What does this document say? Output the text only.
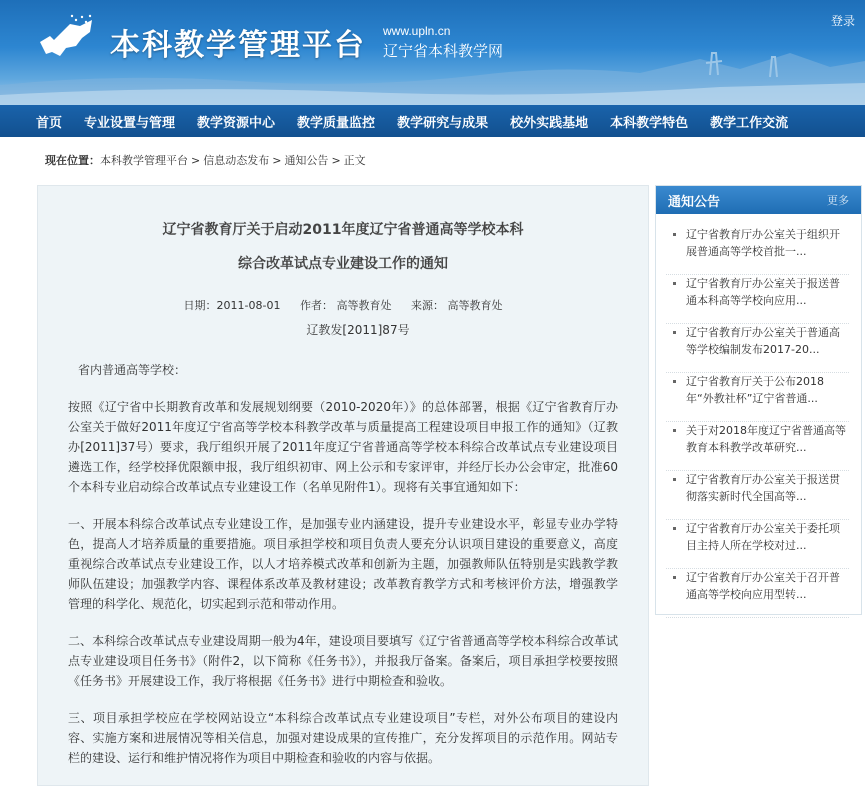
本科教学管理平台 www.upln.cn
辽宁省本科教学网
登录
首页 专业设置与管理 教学资源中心 教学质量监控 教学研究与成果 校外实践基地 本科教学特色 教学工作交流
现在位置：本科教学管理平台 > 信息动态发布 > 通知公告 > 正文
辽宁省教育厅关于启动2011年度辽宁省普通高等学校本科
综合改革试点专业建设工作的通知
日期：2011-08-01 作者： 高等教育处 来源： 高等教育处
辽教发[2011]87号
省内普通高等学校：

按照《辽宁省中长期教育改革和发展规划纲要（2010-2020年）》的总体部署，根据《辽宁省教育厅办公室关于做好2011年度辽宁省高等学校本科教学改革与质量提高工程建设项目申报工作的通知》（辽教办[2011]37号）要求，我厅组织开展了2011年度辽宁省普通高等学校本科综合改革试点专业建设项目遴选工作，经学校择优限额申报，我厅组织初审、网上公示和专家评审，并经厅长办公会审定，批准60个本科专业启动综合改革试点专业建设工作（名单见附件1）。现将有关事宜通知如下：

一、开展本科综合改革试点专业建设工作，是加强专业内涵建设，提升专业建设水平，彰显专业办学特色，提高人才培养质量的重要措施。项目承担学校和项目负责人要充分认识项目建设的重要意义，高度重视综合改革试点专业建设工作，以人才培养模式改革和创新为主题，加强教师队伍特别是实践教学教师队伍建设；加强教学内容、课程体系改革及教材建设；改革教育教学方式和考核评价方法，增强教学管理的科学化、规范化，切实起到示范和带动作用。

二、本科综合改革试点专业建设周期一般为4年，建设项目要填写《辽宁省普通高等学校本科综合改革试点专业建设项目任务书》（附件2，以下简称《任务书》），并报我厅备案。备案后，项目承担学校要按照《任务书》开展建设工作，我厅将根据《任务书》进行中期检查和验收。

三、项目承担学校应在学校网站设立“本科综合改革试点专业建设项目”专栏，对外公布项目的建设内容、实施方案和进展情况等相关信息，加强对建设成果的宣传推广，充分发挥项目的示范作用。网站专栏的建设、运行和维护情况将作为项目中期检查和验收的内容与依据。

通知公告	更多
辽宁省教育厅办公室关于组织开展普通高等学校首批一...
辽宁省教育厅办公室关于报送普通本科高等学校向应用...
辽宁省教育厅办公室关于普通高等学校编制发布2017-20...
辽宁省教育厅关于公布2018年“外教社杯”辽宁省普通...
关于对2018年度辽宁省普通高等教育本科教学改革研究...
辽宁省教育厅办公室关于报送贯彻落实新时代全国高等...
辽宁省教育厅办公室关于委托项目主持人所在学校对过...
辽宁省教育厅办公室关于召开普通高等学校向应用型转...
